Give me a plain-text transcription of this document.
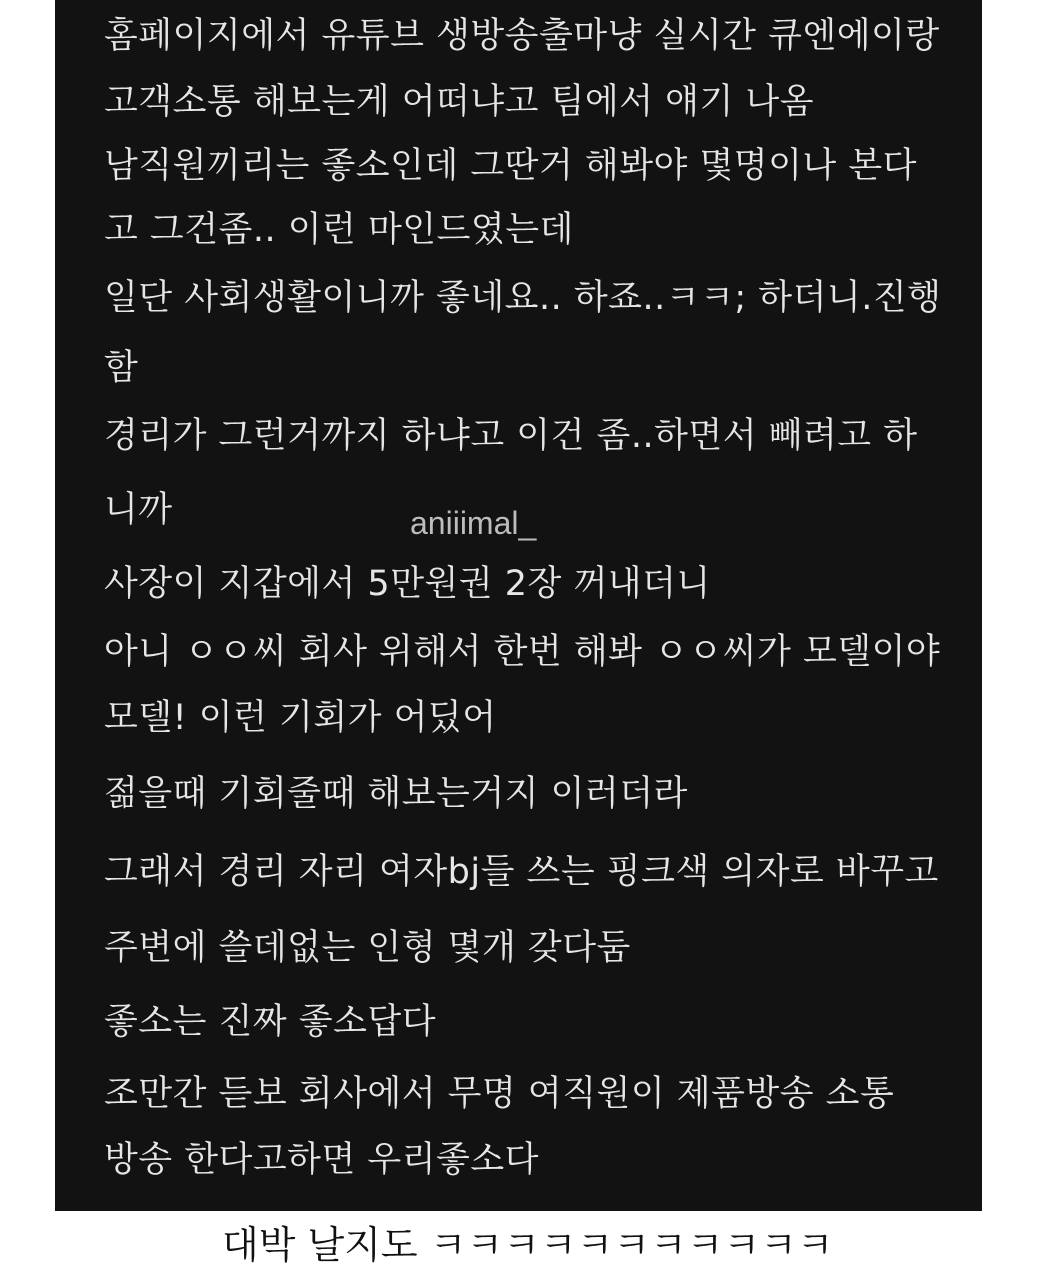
홈페이지에서 유튜브 생방송출마냥 실시간 큐엔에이랑
고객소통 해보는게 어떠냐고 팀에서 얘기 나옴
남직원끼리는 좋소인데 그딴거 해봐야 몇명이나 본다
고 그건좀.. 이런 마인드였는데
일단 사회생활이니까 좋네요.. 하죠..ㅋㅋ; 하더니.진행
함
경리가 그런거까지 하냐고 이건 좀..하면서 빼려고 하
니까	aniiimal_
사장이 지갑에서 5만원권 2장 꺼내더니
아니 ㅇㅇ씨 회사 위해서 한번 해봐 ㅇㅇ씨가 모델이야
모델! 이런 기회가 어딨어
젊을때 기회줄때 해보는거지 이러더라
그래서 경리 자리 여자bj들 쓰는 핑크색 의자로 바꾸고
주변에 쓸데없는 인형 몇개 갖다둠
좋소는 진짜 좋소답다
조만간 듣보 회사에서 무명 여직원이 제품방송 소통
방송 한다고하면 우리좋소다
대박 날지도 ㅋㅋㅋㅋㅋㅋㅋㅋㅋㅋㅋ
